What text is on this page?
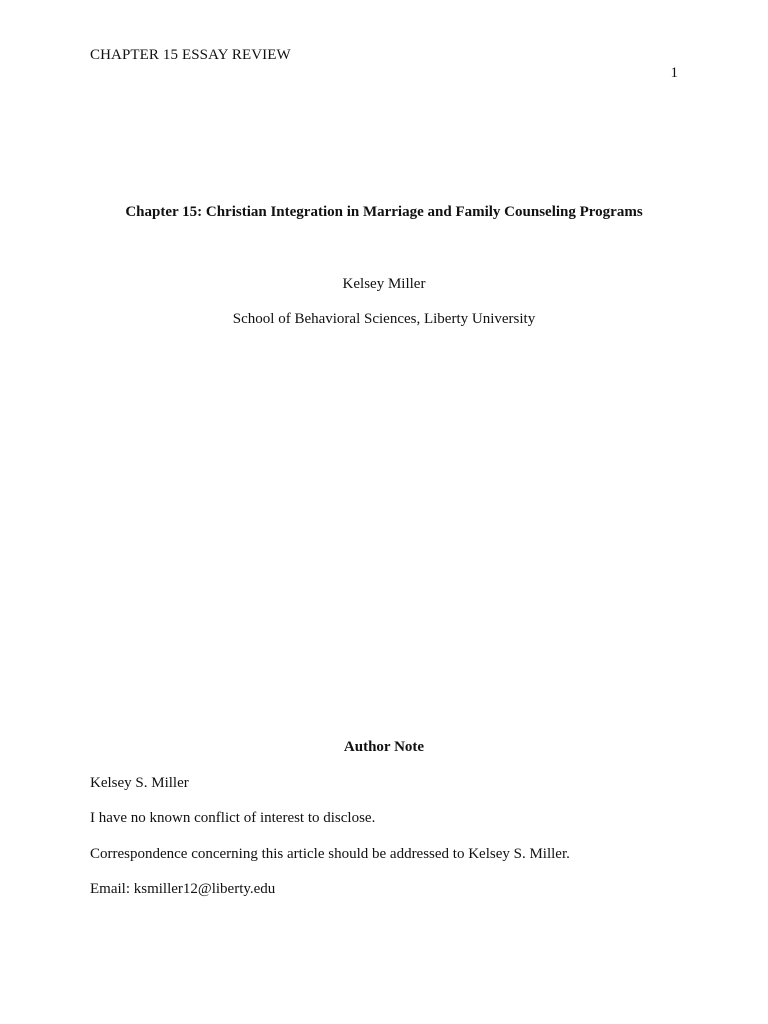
CHAPTER 15 ESSAY REVIEW
1
Chapter 15: Christian Integration in Marriage and Family Counseling Programs
Kelsey Miller
School of Behavioral Sciences, Liberty University
Author Note
Kelsey S. Miller
I have no known conflict of interest to disclose.
Correspondence concerning this article should be addressed to Kelsey S. Miller.
Email: ksmiller12@liberty.edu
